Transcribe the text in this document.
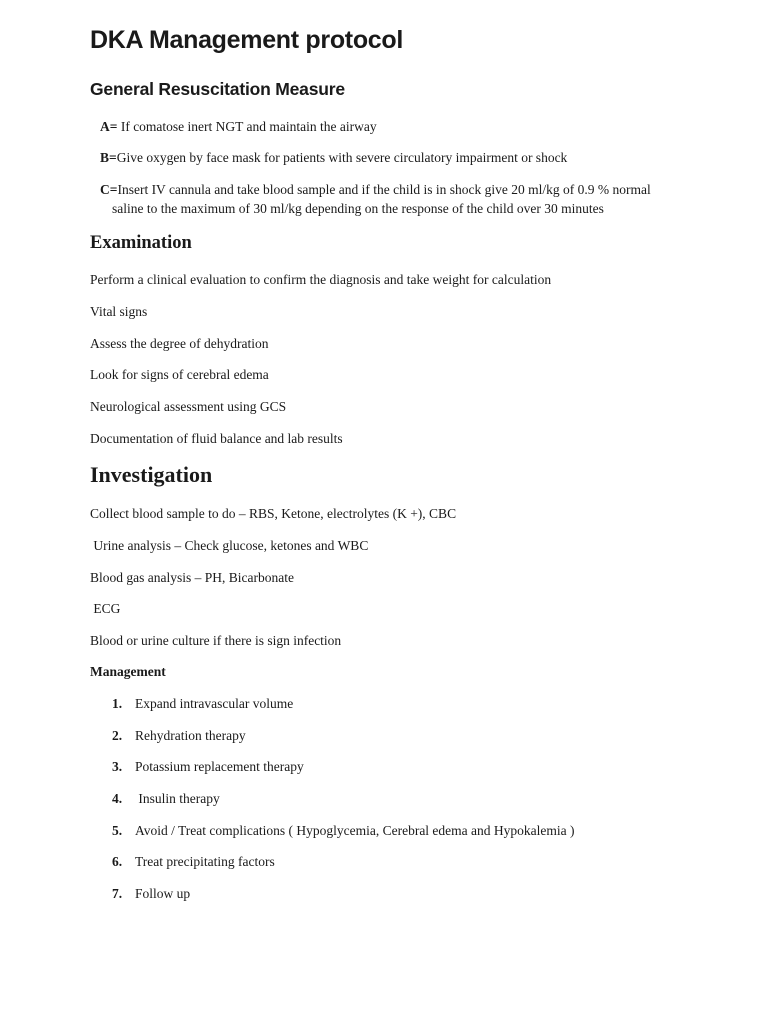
DKA Management protocol
General Resuscitation Measure
A= If comatose inert NGT and maintain the airway
B=Give oxygen by face mask for patients with severe circulatory impairment or shock
C=Insert IV cannula and take blood sample and if the child is in shock give 20 ml/kg of 0.9 % normal
saline to the maximum of 30 ml/kg depending on the response of the child over 30 minutes
Examination
Perform a clinical evaluation to confirm the diagnosis and take weight for calculation
Vital signs
Assess the degree of dehydration
Look for signs of cerebral edema
Neurological assessment using GCS
Documentation of fluid balance and lab results
Investigation
Collect blood sample to do – RBS, Ketone, electrolytes (K +), CBC
Urine analysis – Check glucose, ketones and WBC
Blood gas analysis – PH, Bicarbonate
ECG
Blood or urine culture if there is sign infection
Management
1. Expand intravascular volume
2. Rehydration therapy
3. Potassium replacement therapy
4. Insulin therapy
5. Avoid / Treat complications ( Hypoglycemia, Cerebral edema and Hypokalemia )
6. Treat precipitating factors
7. Follow up
